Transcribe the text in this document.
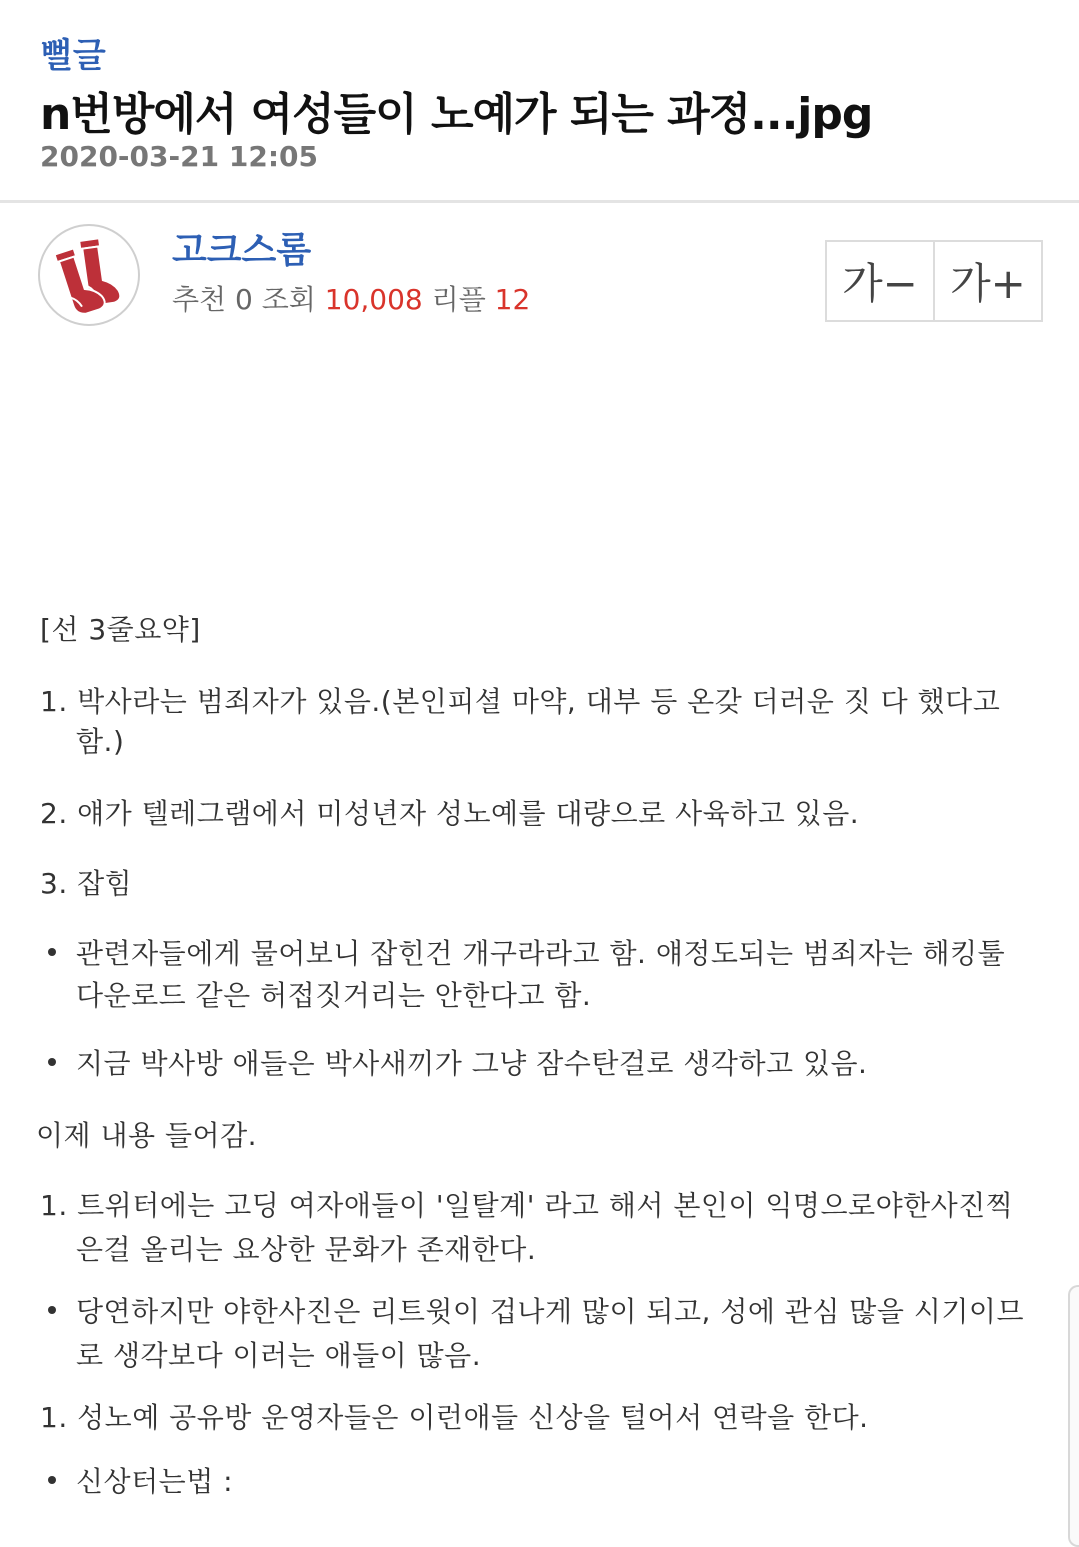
뻘글
n번방에서 여성들이 노예가 되는 과정...jpg
2020-03-21 12:05
고크스롬
추천 0 조회 10,008 리플 12	가− 가+
[선 3줄요약]
1. 박사라는 범죄자가 있음.(본인피셜 마약, 대부 등 온갖 더러운 짓 다 했다고
함.)
2. 얘가 텔레그램에서 미성년자 성노예를 대량으로 사육하고 있음.
3. 잡힘
관련자들에게 물어보니 잡힌건 개구라라고 함. 얘정도되는 범죄자는 해킹툴
다운로드 같은 허접짓거리는 안한다고 함.
지금 박사방 애들은 박사새끼가 그냥 잠수탄걸로 생각하고 있음.
이제 내용 들어감.
1. 트위터에는 고딩 여자애들이 '일탈계' 라고 해서 본인이 익명으로야한사진찍
은걸 올리는 요상한 문화가 존재한다.
당연하지만 야한사진은 리트윗이 겁나게 많이 되고, 성에 관심 많을 시기이므
로 생각보다 이러는 애들이 많음.
1. 성노예 공유방 운영자들은 이런애들 신상을 털어서 연락을 한다.
신상터는법 :
